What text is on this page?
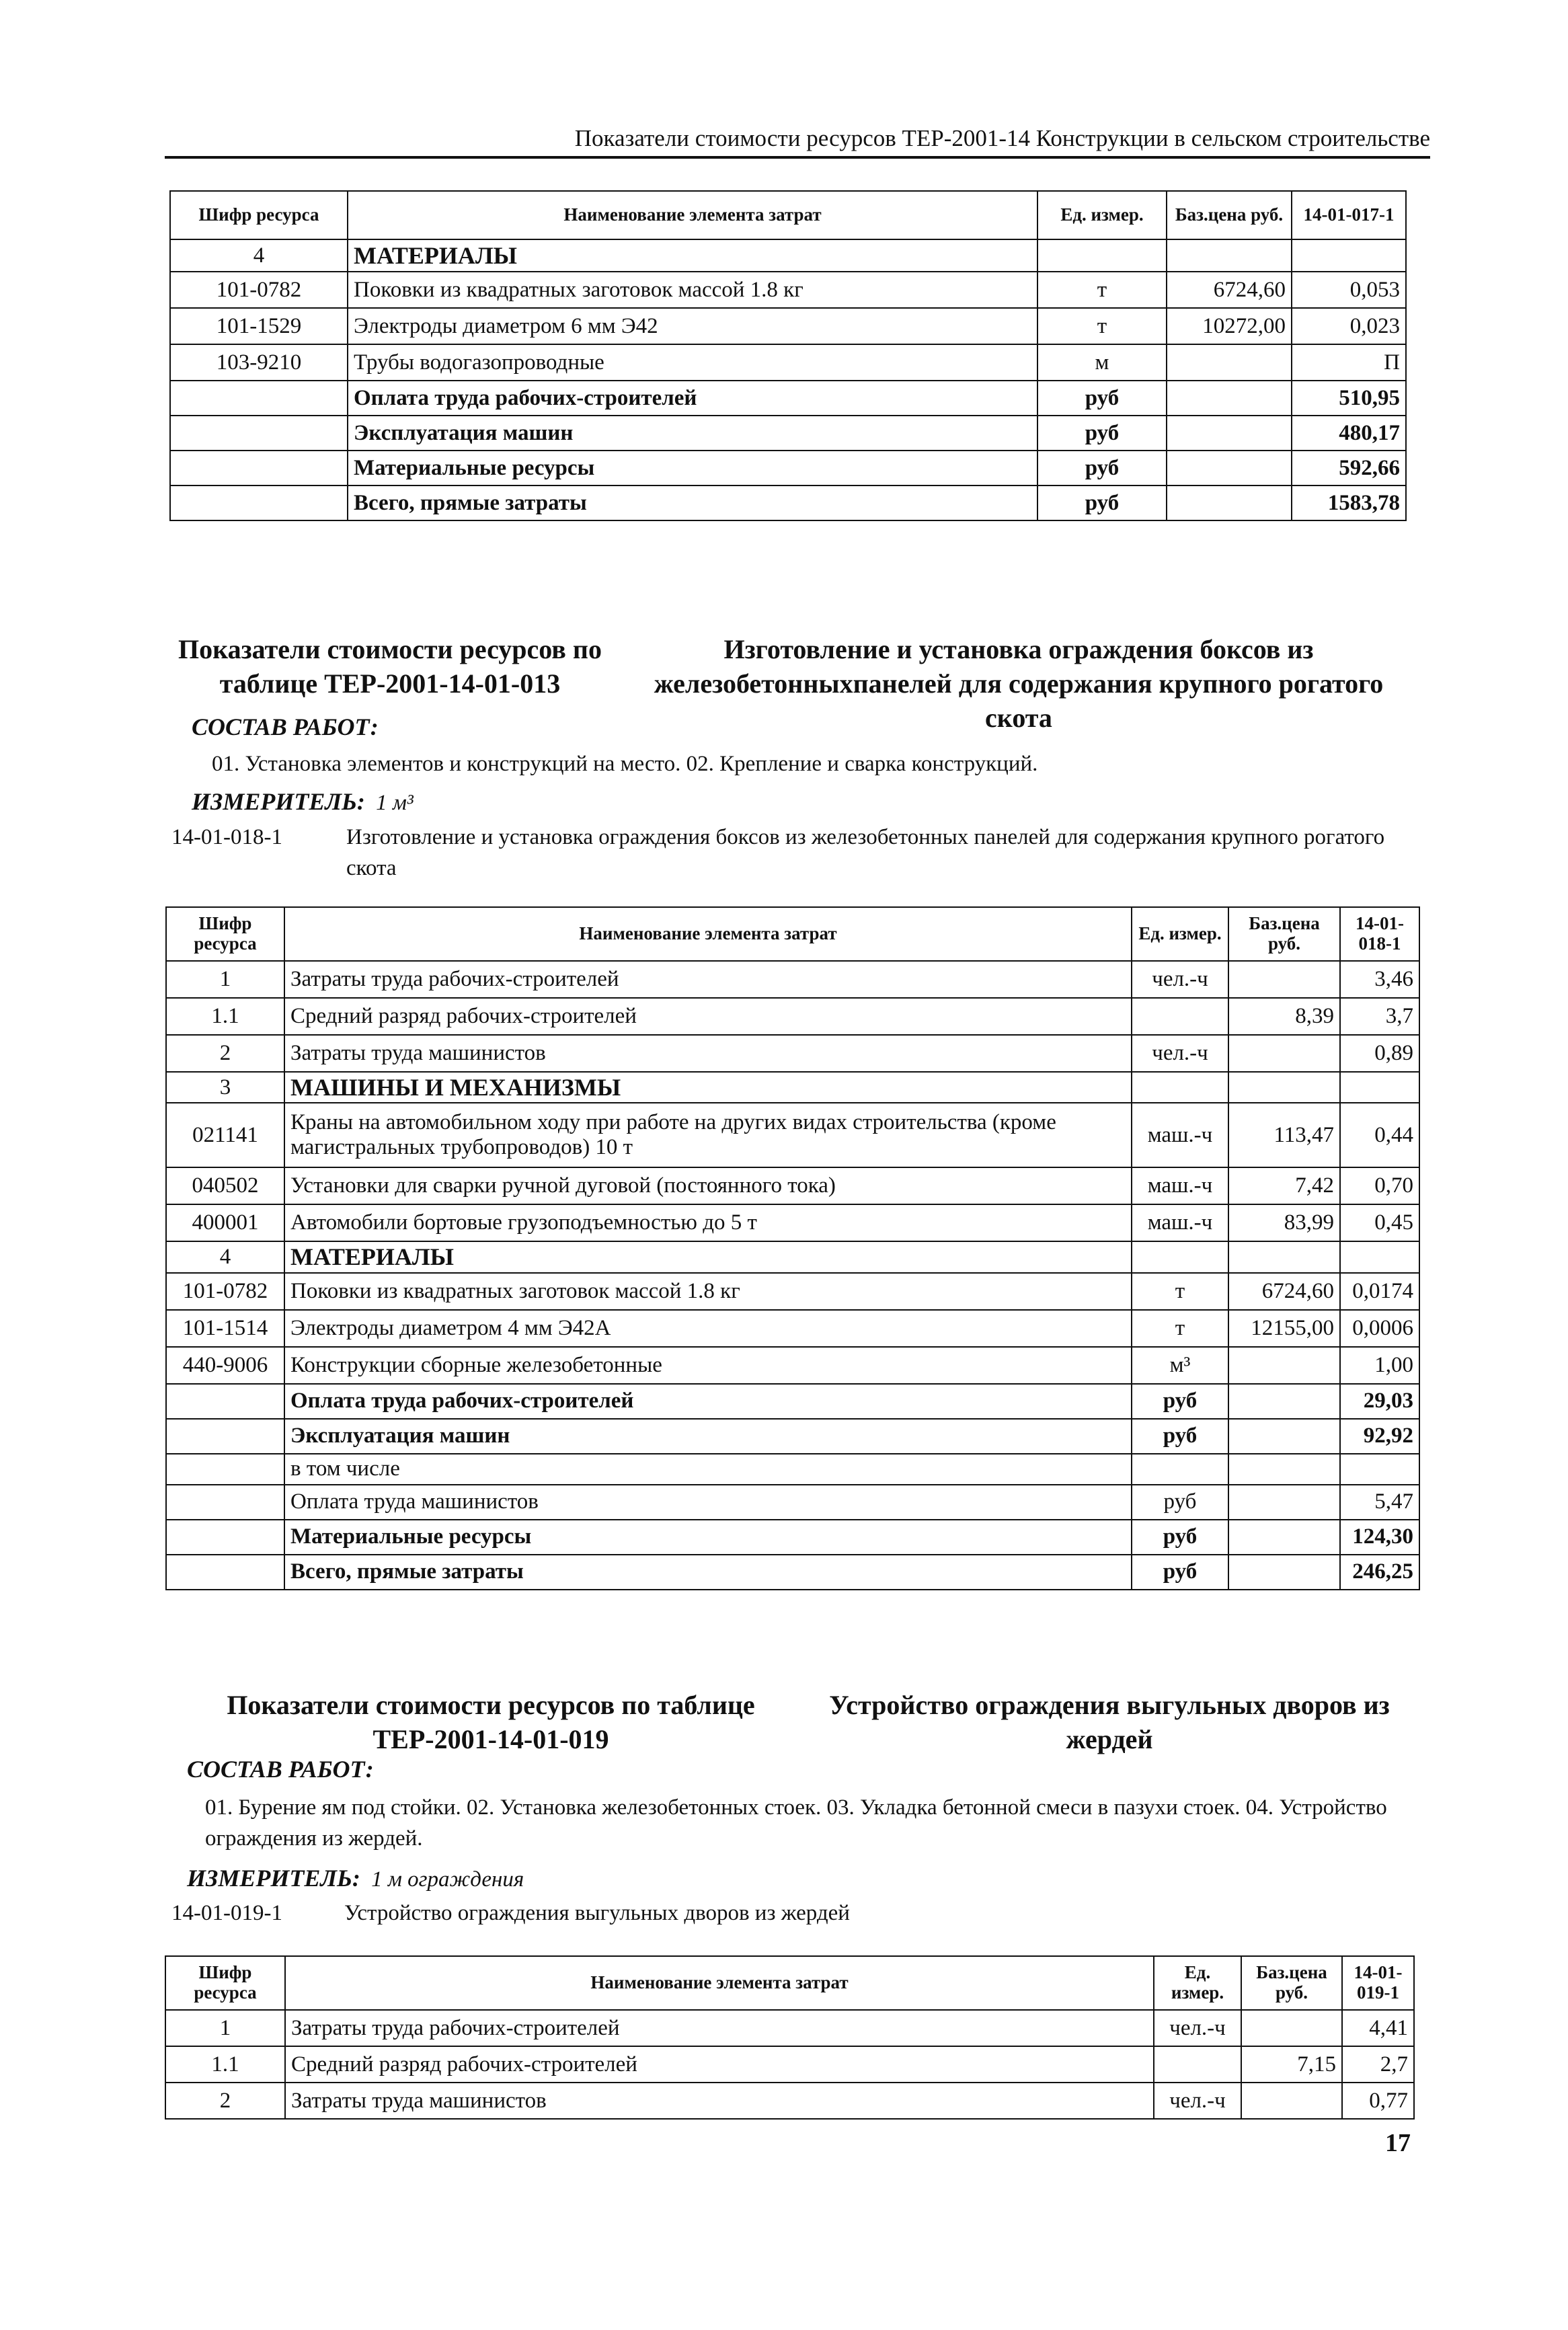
Показатели стоимости ресурсов ТЕР-2001-14 Конструкции в сельском строительстве
Шифр ресурса	Наименование элемента затрат	Ед. измер.	Баз.цена руб.	14-01-017-1
4	МАТЕРИАЛЫ			
101-0782	Поковки из квадратных заготовок массой 1.8 кг	т	6724,60	0,053
101-1529	Электроды диаметром 6 мм Э42	т	10272,00	0,023
103-9210	Трубы водогазопроводные	м		П
	Оплата труда рабочих-строителей	руб		510,95
	Эксплуатация машин	руб		480,17
	Материальные ресурсы	руб		592,66
	Всего, прямые затраты	руб		1583,78
Показатели стоимости ресурсов по таблице ТЕР-2001-14-01-013
Изготовление и установка ограждения боксов из железобетонныхпанелей для содержания крупного рогатого скота
СОСТАВ РАБОТ:
01. Установка элементов и конструкций на место. 02. Крепление и сварка конструкций.
ИЗМЕРИТЕЛЬ: 1 м³
14-01-018-1	Изготовление и установка ограждения боксов из железобетонных панелей для содержания крупного рогатого скота
Шифр ресурса	Наименование элемента затрат	Ед. измер.	Баз.цена руб.	14-01-018-1
1	Затраты труда рабочих-строителей	чел.-ч		3,46
1.1	Средний разряд рабочих-строителей		8,39	3,7
2	Затраты труда машинистов	чел.-ч		0,89
3	МАШИНЫ И МЕХАНИЗМЫ			
021141	Краны на автомобильном ходу при работе на других видах строительства (кроме магистральных трубопроводов) 10 т	маш.-ч	113,47	0,44
040502	Установки для сварки ручной дуговой (постоянного тока)	маш.-ч	7,42	0,70
400001	Автомобили бортовые грузоподъемностью до 5 т	маш.-ч	83,99	0,45
4	МАТЕРИАЛЫ			
101-0782	Поковки из квадратных заготовок массой 1.8 кг	т	6724,60	0,0174
101-1514	Электроды диаметром 4 мм Э42А	т	12155,00	0,0006
440-9006	Конструкции сборные железобетонные	м³		1,00
	Оплата труда рабочих-строителей	руб		29,03
	Эксплуатация машин	руб		92,92
	в том числе			
	Оплата труда машинистов	руб		5,47
	Материальные ресурсы	руб		124,30
	Всего, прямые затраты	руб		246,25
Показатели стоимости ресурсов по таблице ТЕР-2001-14-01-019
Устройство ограждения выгульных дворов из жердей
СОСТАВ РАБОТ:
01. Бурение ям под стойки. 02. Установка железобетонных стоек. 03. Укладка бетонной смеси в пазухи стоек. 04. Устройство ограждения из жердей.
ИЗМЕРИТЕЛЬ: 1 м ограждения
14-01-019-1	Устройство ограждения выгульных дворов из жердей
Шифр ресурса	Наименование элемента затрат	Ед. измер.	Баз.цена руб.	14-01-019-1
1	Затраты труда рабочих-строителей	чел.-ч		4,41
1.1	Средний разряд рабочих-строителей		7,15	2,7
2	Затраты труда машинистов	чел.-ч		0,77
17
